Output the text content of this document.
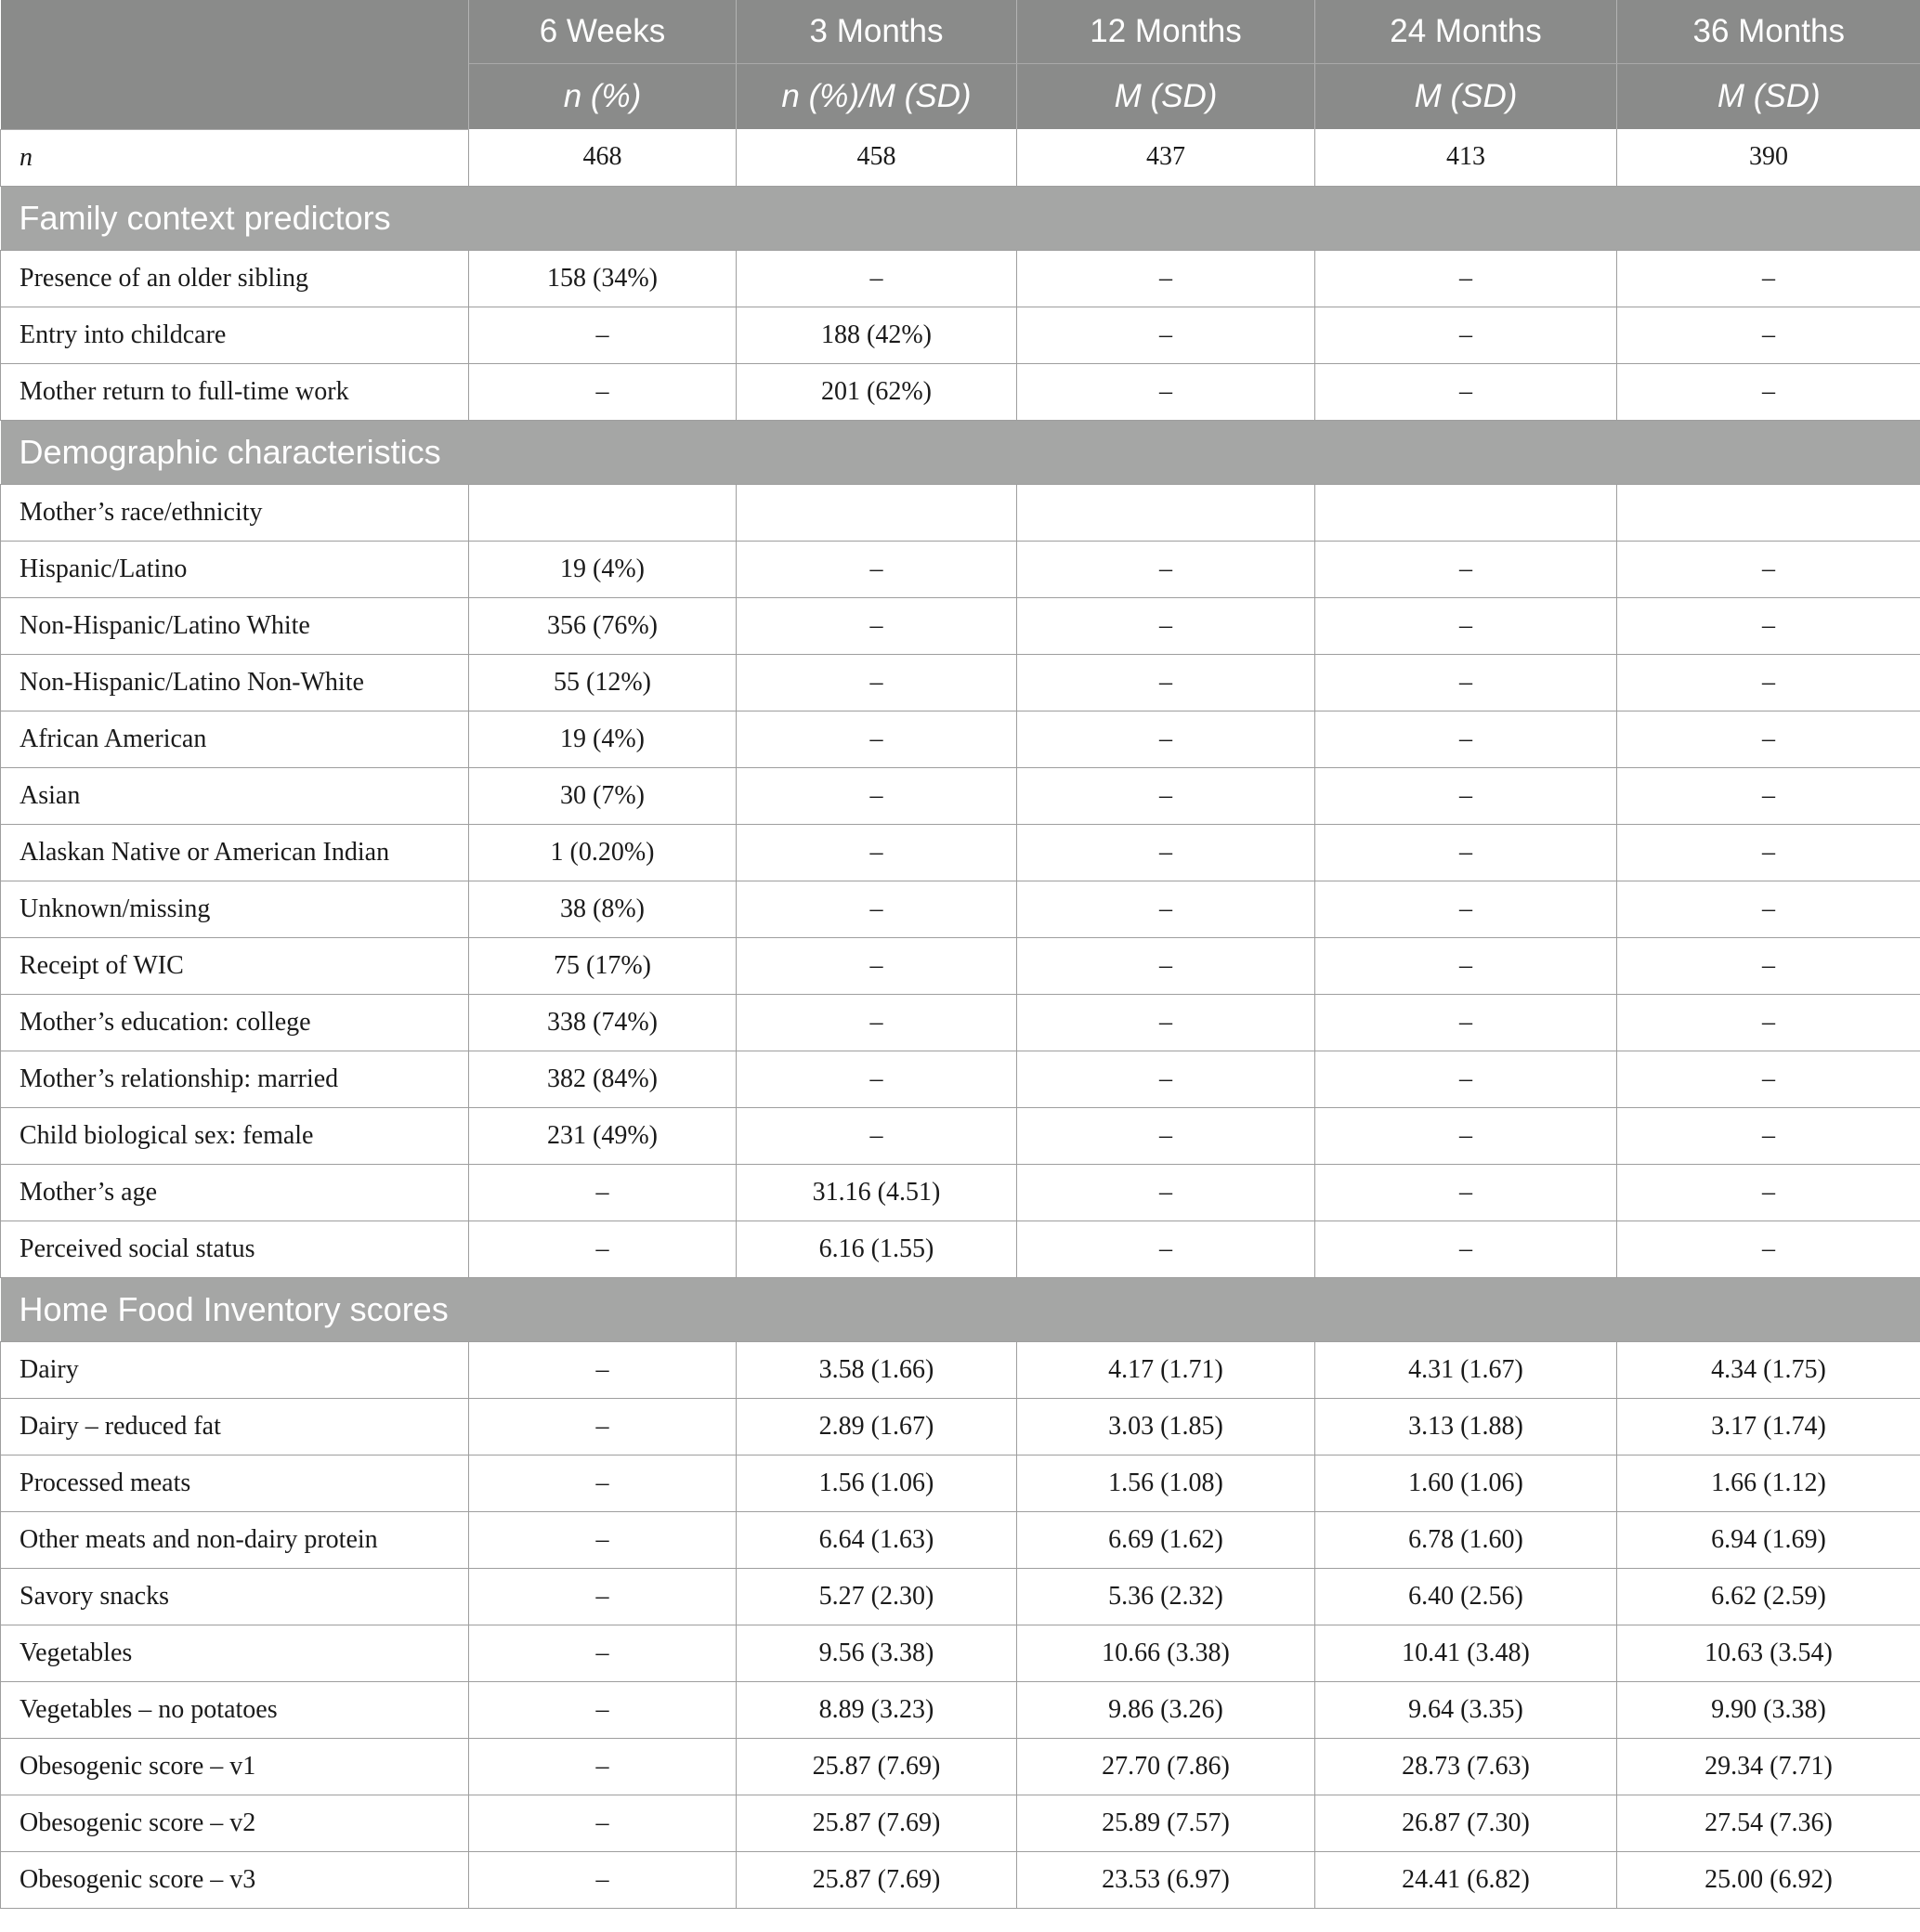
	6 Weeks	3 Months	12 Months	24 Months	36 Months
	n (%)	n (%)/M (SD)	M (SD)	M (SD)	M (SD)
n	468	458	437	413	390
Family context predictors					
Presence of an older sibling	158 (34%)	–	–	–	–
Entry into childcare	–	188 (42%)	–	–	–
Mother return to full-time work	–	201 (62%)	–	–	–
Demographic characteristics					
Mother’s race/ethnicity					
Hispanic/Latino	19 (4%)	–	–	–	–
Non-Hispanic/Latino White	356 (76%)	–	–	–	–
Non-Hispanic/Latino Non-White	55 (12%)	–	–	–	–
African American	19 (4%)	–	–	–	–
Asian	30 (7%)	–	–	–	–
Alaskan Native or American Indian	1 (0.20%)	–	–	–	–
Unknown/missing	38 (8%)	–	–	–	–
Receipt of WIC	75 (17%)	–	–	–	–
Mother’s education: college	338 (74%)	–	–	–	–
Mother’s relationship: married	382 (84%)	–	–	–	–
Child biological sex: female	231 (49%)	–	–	–	–
Mother’s age	–	31.16 (4.51)	–	–	–
Perceived social status	–	6.16 (1.55)	–	–	–
Home Food Inventory scores					
Dairy	–	3.58 (1.66)	4.17 (1.71)	4.31 (1.67)	4.34 (1.75)
Dairy – reduced fat	–	2.89 (1.67)	3.03 (1.85)	3.13 (1.88)	3.17 (1.74)
Processed meats	–	1.56 (1.06)	1.56 (1.08)	1.60 (1.06)	1.66 (1.12)
Other meats and non-dairy protein	–	6.64 (1.63)	6.69 (1.62)	6.78 (1.60)	6.94 (1.69)
Savory snacks	–	5.27 (2.30)	5.36 (2.32)	6.40 (2.56)	6.62 (2.59)
Vegetables	–	9.56 (3.38)	10.66 (3.38)	10.41 (3.48)	10.63 (3.54)
Vegetables – no potatoes	–	8.89 (3.23)	9.86 (3.26)	9.64 (3.35)	9.90 (3.38)
Obesogenic score – v1	–	25.87 (7.69)	27.70 (7.86)	28.73 (7.63)	29.34 (7.71)
Obesogenic score – v2	–	25.87 (7.69)	25.89 (7.57)	26.87 (7.30)	27.54 (7.36)
Obesogenic score – v3	–	25.87 (7.69)	23.53 (6.97)	24.41 (6.82)	25.00 (6.92)
